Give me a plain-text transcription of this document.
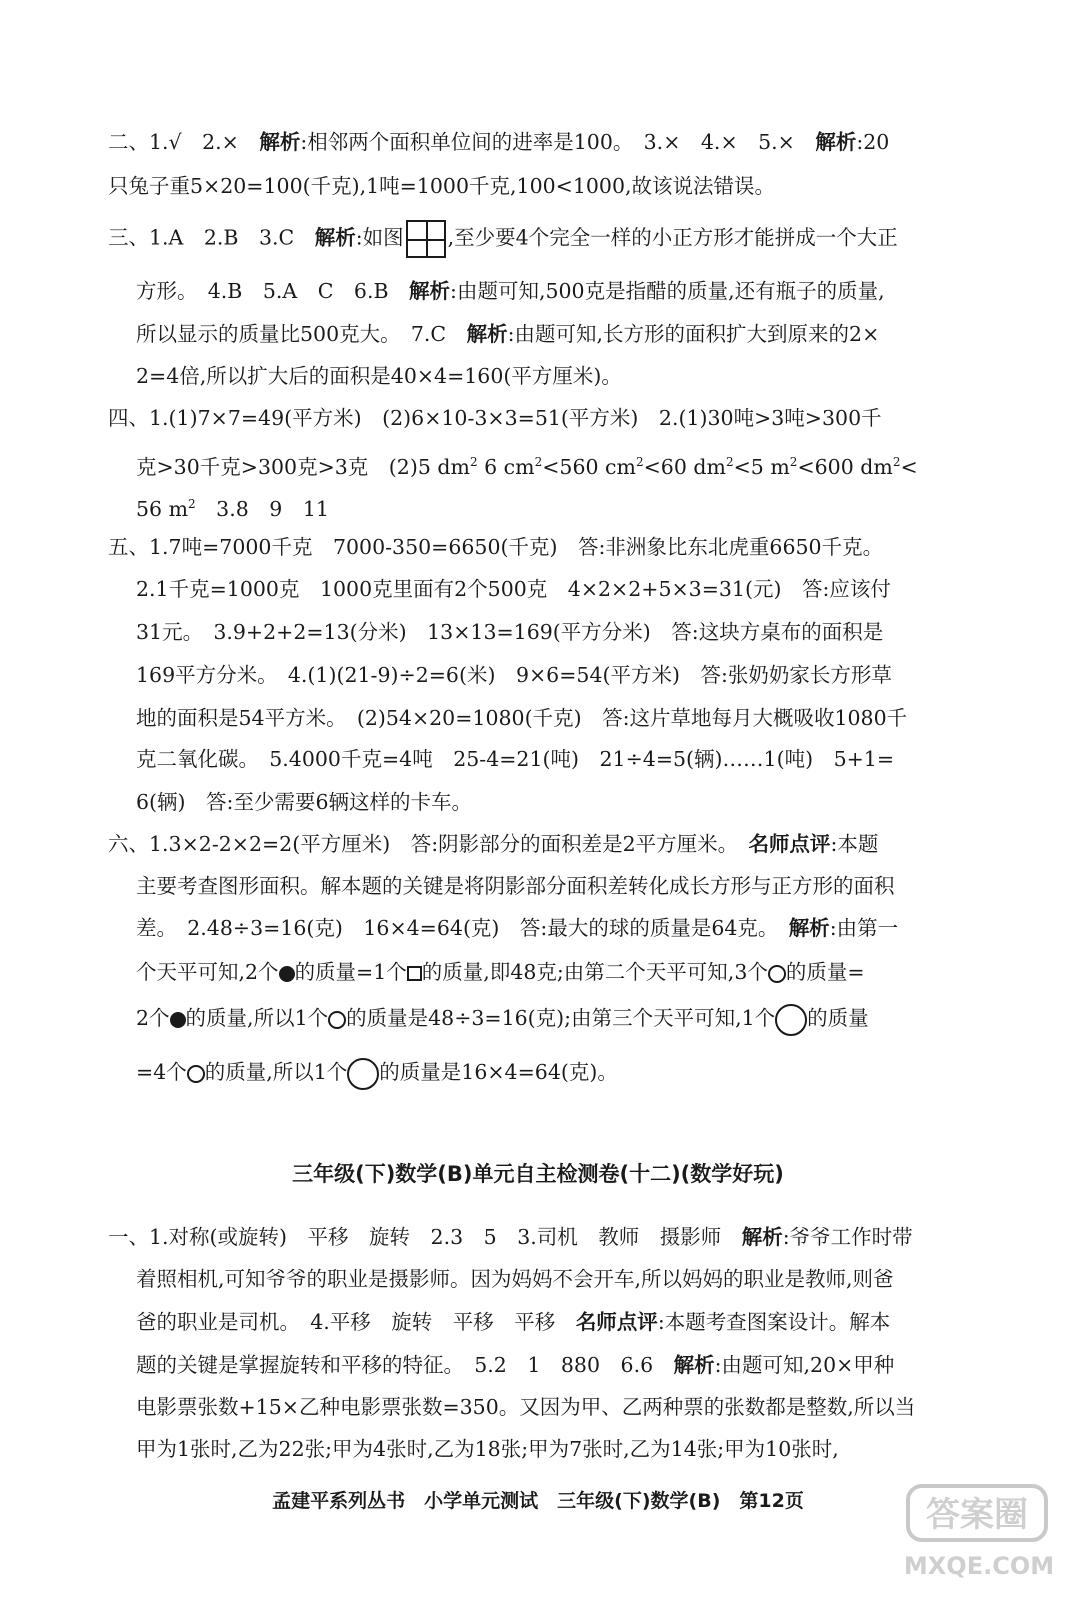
二、1.√　2.×　解析:相邻两个面积单位间的进率是100。　3.×　4.×　5.×　解析:20
只兔子重5×20=100(千克),1吨=1000千克,100<1000,故该说法错误。
三、1.A　2.B　3.C　解析:如图 ,至少要4个完全一样的小正方形才能拼成一个大正
方形。　4.B　5.A　C　6.B　解析:由题可知,500克是指醋的质量,还有瓶子的质量,
所以显示的质量比500克大。　7.C　解析:由题可知,长方形的面积扩大到原来的2×
2=4倍,所以扩大后的面积是40×4=160(平方厘米)。
四、1.(1)7×7=49(平方米)　(2)6×10-3×3=51(平方米)　2.(1)30吨>3吨>300千
克>30千克>300克>3克　(2)5 $dm^2$ 6 $cm^2<560$ $cm^2<60$ $dm^2<5$ $m^2<600$ $dm^2<$
56 $m^2$　3.8　9　11
五、1.7吨=7000千克　7000-350=6650(千克)　答:非洲象比东北虎重6650千克。
2.1千克=1000克　1000克里面有2个500克　4×2×2+5×3=31(元)　答:应该付
31元。　3.9+2+2=13(分米)　13×13=169(平方分米)　答:这块方桌布的面积是
169平方分米。　4.(1)(21-9)÷2=6(米)　9×6=54(平方米)　答:张奶奶家长方形草
地的面积是54平方米。　(2)54×20=1080(千克)　答:这片草地每月大概吸收1080千
克二氧化碳。　5.4000千克=4吨　25-4=21(吨)　21÷4=5(辆)……1(吨)　5+1=
6(辆)　答:至少需要6辆这样的卡车。
六、1.3×2-2×2=2(平方厘米)　答:阴影部分的面积差是2平方厘米。　名师点评:本题
主要考查图形面积。解本题的关键是将阴影部分面积差转化成长方形与正方形的面积
差。　2.48÷3=16(克)　16×4=64(克)　答:最大的球的质量是64克。　解析:由第一
个天平可知,2个 的质量=1个 的质量,即48克;由第二个天平可知,3个 的质量=
2个 的质量,所以1个 的质量是48÷3=16(克);由第三个天平可知,1个 的质量
=4个 的质量,所以1个 的质量是16×4=64(克)。
三年级(下)数学(B)单元自主检测卷(十二)(数学好玩)
一、1.对称(或旋转)　平移　旋转　2.3　5　3.司机　教师　摄影师　解析:爷爷工作时带
着照相机,可知爷爷的职业是摄影师。因为妈妈不会开车,所以妈妈的职业是教师,则爸
爸的职业是司机。　4.平移　旋转　平移　平移　名师点评:本题考查图案设计。解本
题的关键是掌握旋转和平移的特征。　5.2　1　880　6.6　解析:由题可知,20×甲种
电影票张数+15×乙种电影票张数=350。又因为甲、乙两种票的张数都是整数,所以当
甲为1张时,乙为22张;甲为4张时,乙为18张;甲为7张时,乙为14张;甲为10张时,
孟建平系列丛书　小学单元测试　三年级(下)数学(B)　第12页	答案圈
MXQE.COM
